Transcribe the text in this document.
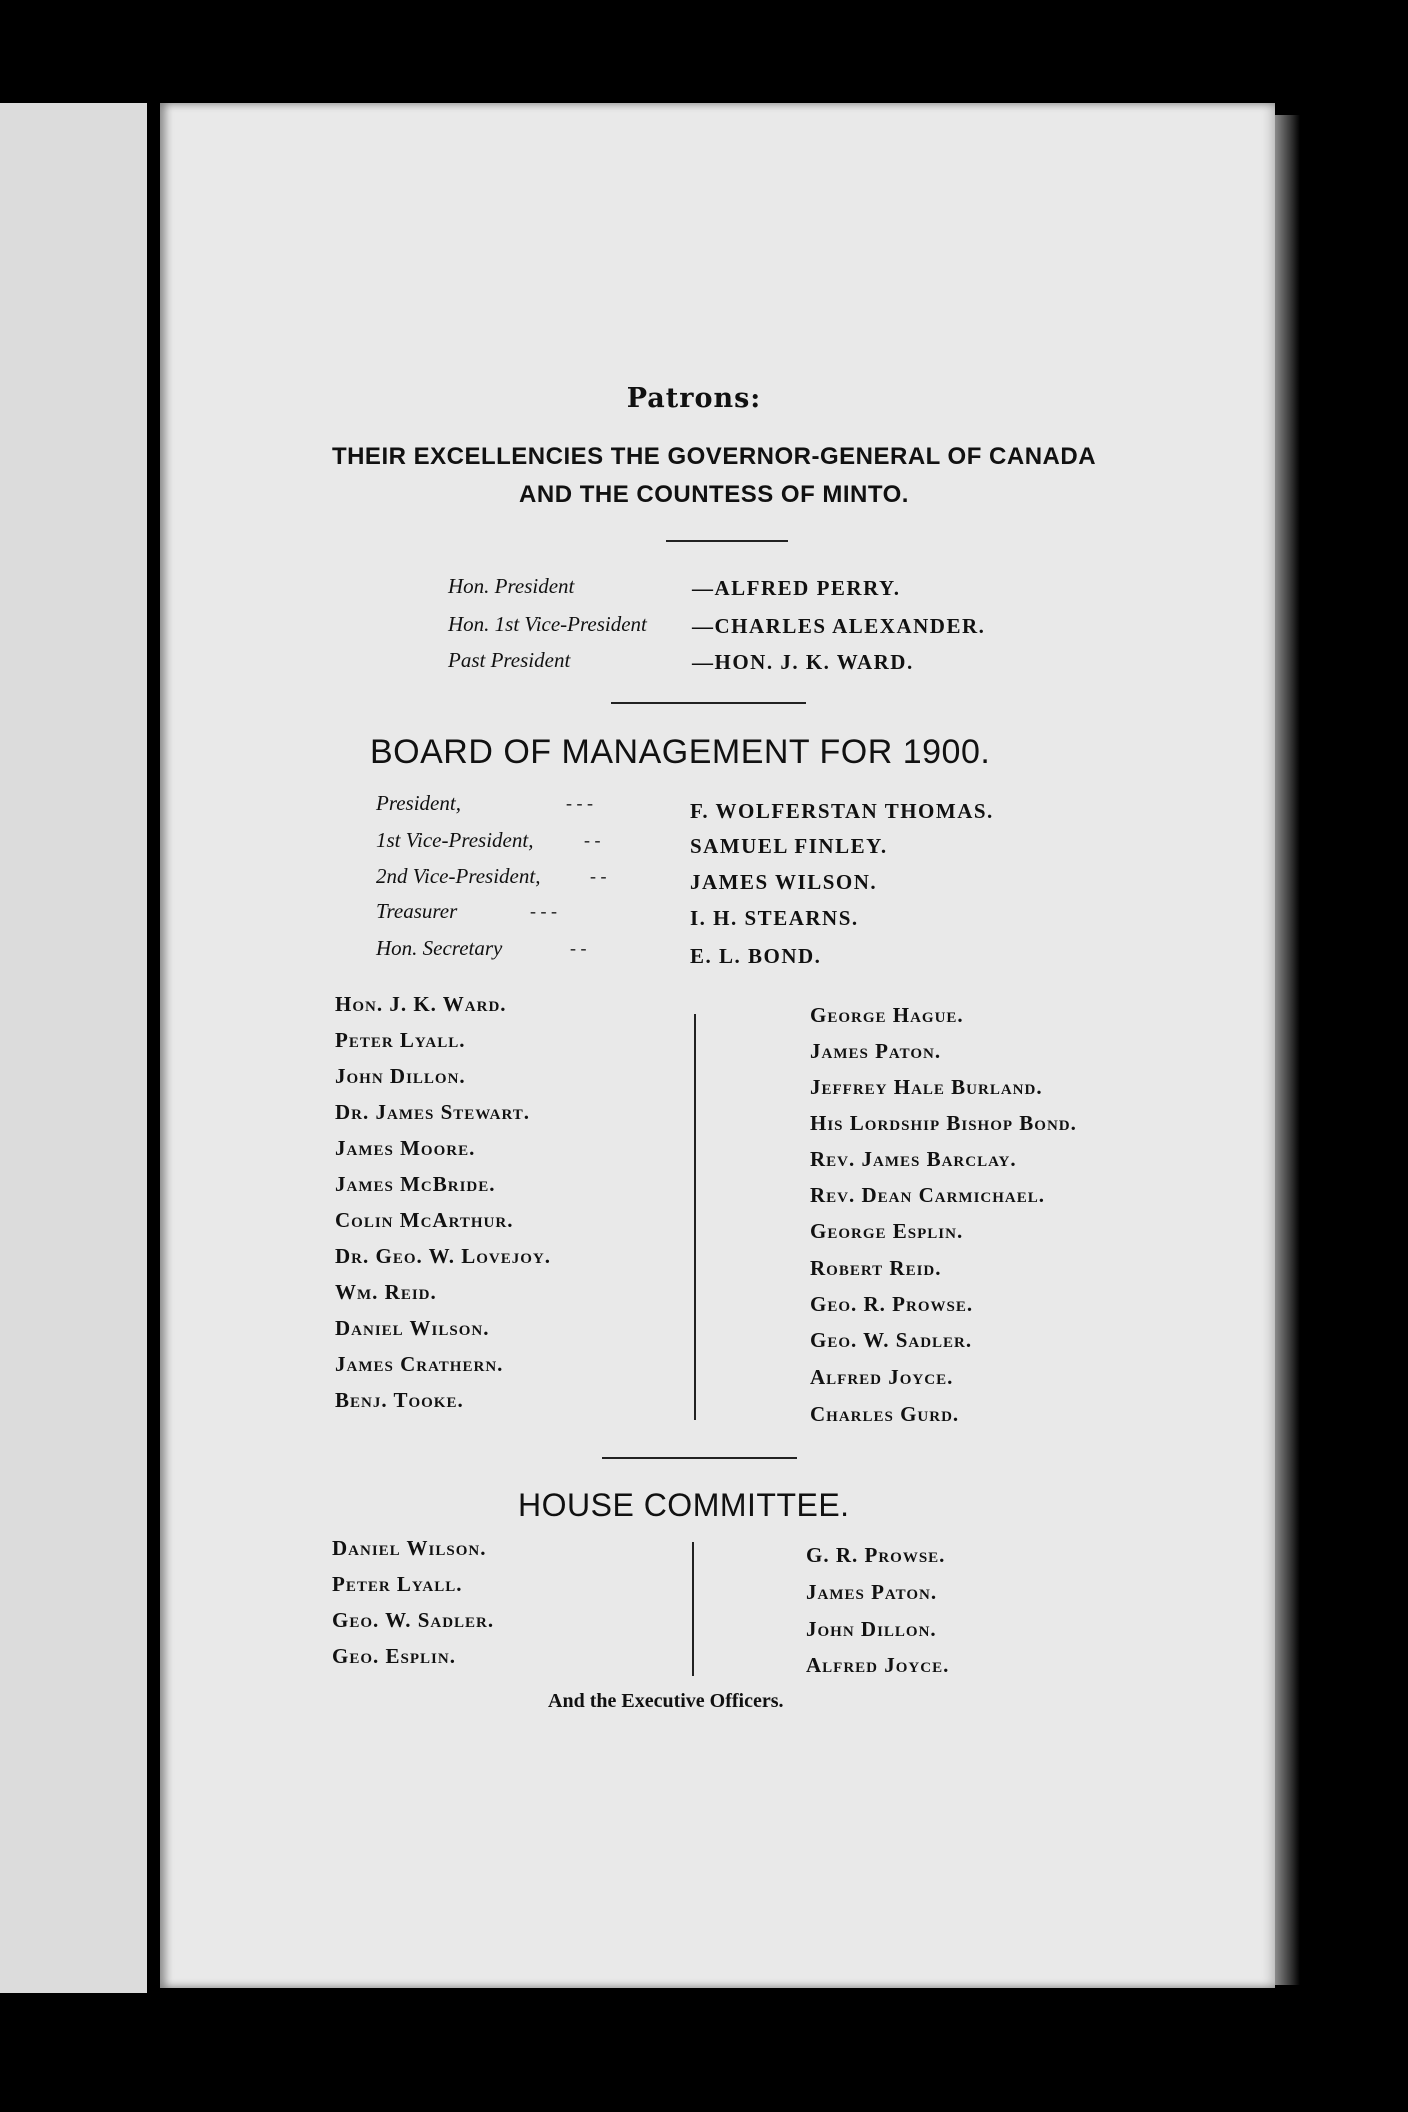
Patrons:
THEIR EXCELLENCIES THE GOVERNOR-GENERAL OF CANADA
AND THE COUNTESS OF MINTO.
Hon. President	—ALFRED PERRY.
Hon. 1st Vice-President —CHARLES ALEXANDER.
Past President	—HON. J. K. WARD.
BOARD OF MANAGEMENT FOR 1900.
President,	- - -	F. WOLFERSTAN THOMAS.
1st Vice-President,	- -	SAMUEL FINLEY.
2nd Vice-President,	- -	JAMES WILSON.
Treasurer	- - -	I. H. STEARNS.
Hon. Secretary	- -	E. L. BOND.
Hon. J. K. Ward.
Peter Lyall.
John Dillon.
Dr. James Stewart.
James Moore.
James McBride.
Colin McArthur.
Dr. Geo. W. Lovejoy.
Wm. Reid.
Daniel Wilson.
James Crathern.
Benj. Tooke.
George Hague.
James Paton.
Jeffrey Hale Burland.
His Lordship Bishop Bond.
Rev. James Barclay.
Rev. Dean Carmichael.
George Esplin.
Robert Reid.
Geo. R. Prowse.
Geo. W. Sadler.
Alfred Joyce.
Charles Gurd.
HOUSE COMMITTEE.
Daniel Wilson.
Peter Lyall.
Geo. W. Sadler.
Geo. Esplin.
G. R. Prowse.
James Paton.
John Dillon.
Alfred Joyce.
And the Executive Officers.
